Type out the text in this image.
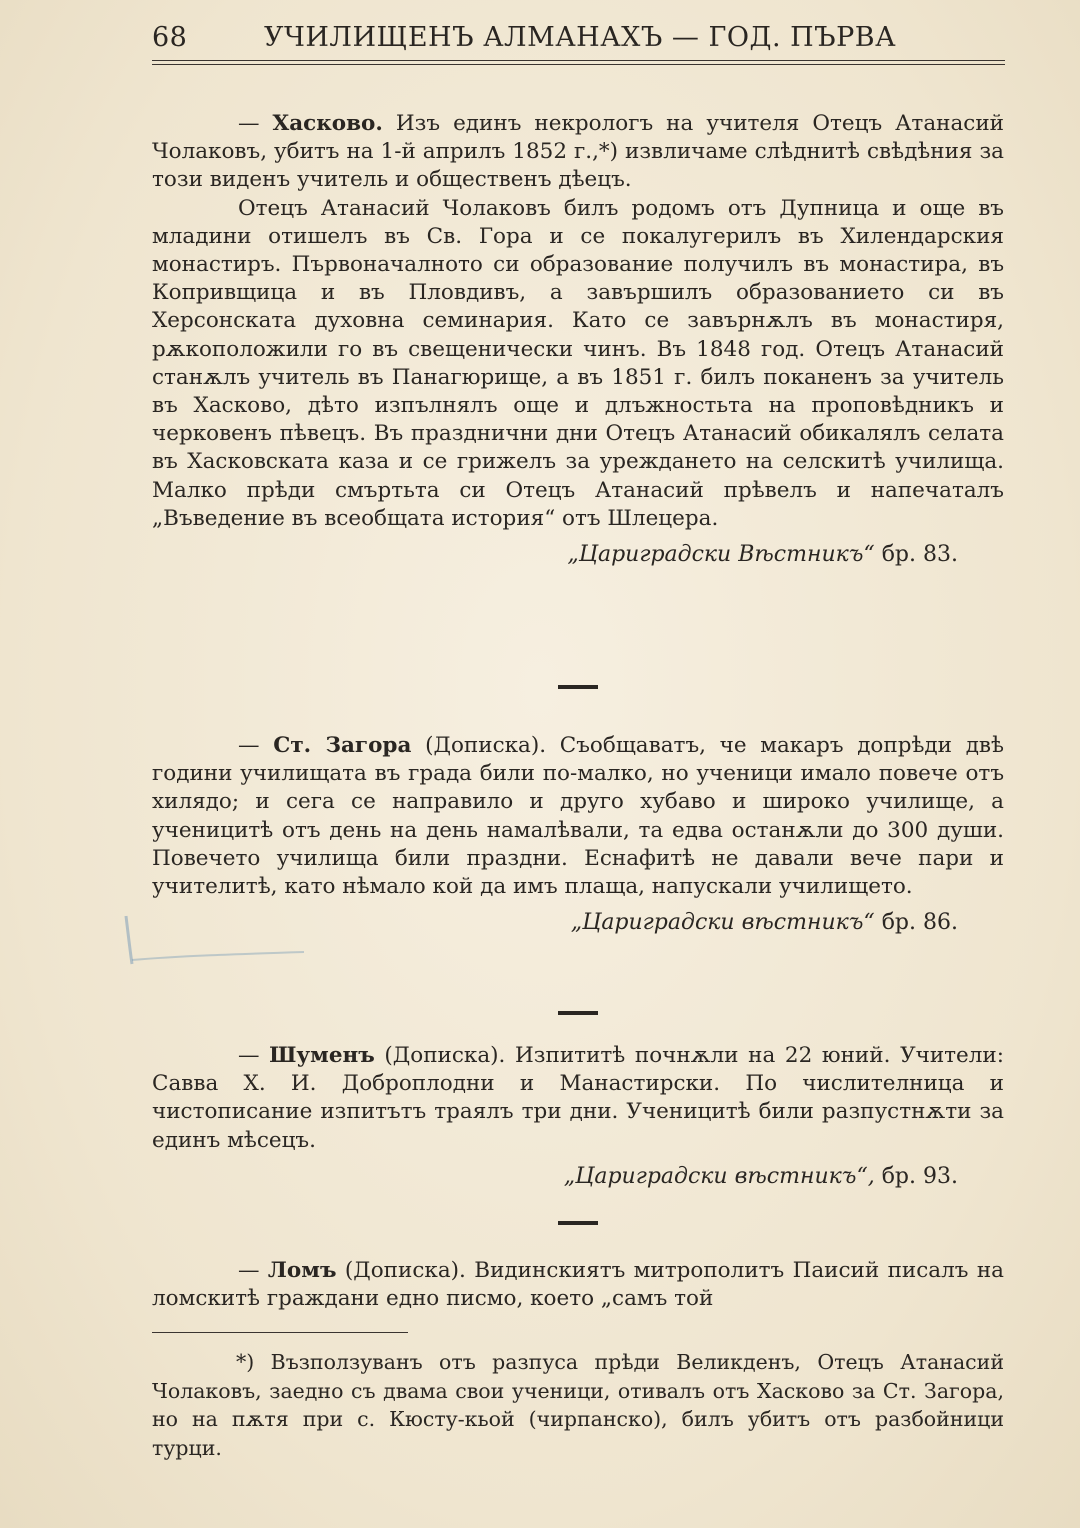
68	УЧИЛИЩЕНЪ АЛМАНАХЪ — ГОД. ПЪРВА

— Хасково. Изъ единъ некрологъ на учителя Отецъ Атанасий Чолаковъ, убитъ на 1-й априлъ 1852 г.,*) извличаме слѣднитѣ свѣдѣния за този виденъ учитель и общественъ дѣецъ.

Отецъ Атанасий Чолаковъ билъ родомъ отъ Дупница и още въ младини отишелъ въ Св. Гора и се покалугерилъ въ Хилендарския монастиръ. Първоначалното си образование получилъ въ монастира, въ Копривщица и въ Пловдивъ, а завършилъ образованието си въ Херсонската духовна семинария. Като се завърнѫлъ въ монастиря, рѫкоположили го въ свещенически чинъ. Въ 1848 год. Отецъ Атанасий станѫлъ учитель въ Панагюрище, а въ 1851 г. билъ поканенъ за учитель въ Хасково, дѣто изпълнялъ още и длъжностьта на проповѣдникъ и черковенъ пѣвецъ. Въ празднични дни Отецъ Атанасий обикалялъ селата въ Хасковската каза и се грижелъ за уреждането на селскитѣ училища. Малко прѣди смъртьта си Отецъ Атанасий прѣвелъ и напечаталъ „Въведение въ всеобщата история“ отъ Шлецера.

„Цариградски Вѣстникъ“ бр. 83.

— Ст. Загора (Дописка). Съобщаватъ, че макаръ допрѣди двѣ години училищата въ града били по-малко, но ученици имало повече отъ хилядо; и сега се направило и друго хубаво и широко училище, а ученицитѣ отъ день на день намалѣвали, та едва останѫли до 300 души. Повечето училища били праздни. Еснафитѣ не давали вече пари и учителитѣ, като нѣмало кой да имъ плаща, напускали училището.

„Цариградски вѣстникъ“ бр. 86.

— Шуменъ (Дописка). Изпититѣ почнѫли на 22 юний. Учители: Савва Х. И. Доброплодни и Манастирски. По числителница и чистописание изпитътъ траялъ три дни. Ученицитѣ били разпустнѫти за единъ мѣсецъ.

„Цариградски вѣстникъ“, бр. 93.

— Ломъ (Дописка). Видинскиятъ митрополитъ Паисий писалъ на ломскитѣ граждани едно писмо, което „самъ той

*) Възползуванъ отъ разпуса прѣди Великденъ, Отецъ Атанасий Чолаковъ, заедно съ двама свои ученици, отивалъ отъ Хасково за Ст. Загора, но на пѫтя при с. Кюсту-кьой (чирпанско), билъ убитъ отъ разбойници турци.
